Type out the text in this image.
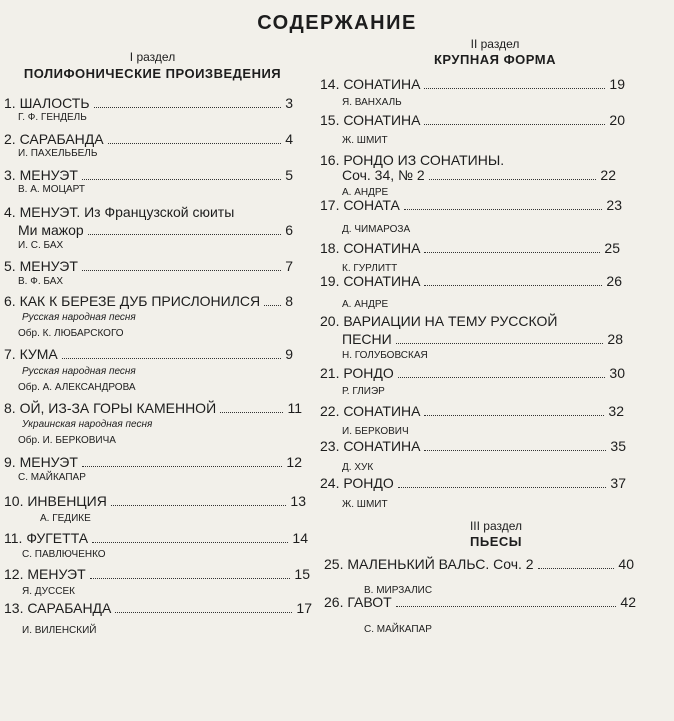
СОДЕРЖАНИЕ
I раздел
ПОЛИФОНИЧЕСКИЕ ПРОИЗВЕДЕНИЯ
1. ШАЛОСТЬ	3
Г. Ф. ГЕНДЕЛЬ
2. САРАБАНДА	4
И. ПАХЕЛЬБЕЛЬ
3. МЕНУЭТ	5
В. А. МОЦАРТ
4. МЕНУЭТ. Из Французской сюиты
Ми мажор	6
И. С. БАХ
5. МЕНУЭТ	7
В. Ф. БАХ
6. КАК К БЕРЕЗЕ ДУБ ПРИСЛОНИЛСЯ 8
Русская народная песня
Обр. К. ЛЮБАРСКОГО
7. КУМА	9
Русская народная песня
Обр. А. АЛЕКСАНДРОВА
8. ОЙ, ИЗ-ЗА ГОРЫ КАМЕННОЙ	11
Украинская народная песня
Обр. И. БЕРКОВИЧА
9. МЕНУЭТ	12
С. МАЙКАПАР
10. ИНВЕНЦИЯ	13
А. ГЕДИКЕ
11. ФУГЕТТА	14
С. ПАВЛЮЧЕНКО
12. МЕНУЭТ	15
Я. ДУССЕК
13. САРАБАНДА	17
И. ВИЛЕНСКИЙ
II раздел
КРУПНАЯ ФОРМА
14. СОНАТИНА	19
Я. ВАНХАЛЬ
15. СОНАТИНА	20
Ж. ШМИТ
16. РОНДО ИЗ СОНАТИНЫ.
Соч. 34, № 2	22
А. АНДРЕ
17. СОНАТА	23
Д. ЧИМАРОЗА
18. СОНАТИНА	25
К. ГУРЛИТТ
19. СОНАТИНА	26
А. АНДРЕ
20. ВАРИАЦИИ НА ТЕМУ РУССКОЙ
ПЕСНИ	28
Н. ГОЛУБОВСКАЯ
21. РОНДО	30
Р. ГЛИЭР
22. СОНАТИНА	32
И. БЕРКОВИЧ
23. СОНАТИНА	35
Д. ХУК
24. РОНДО	37
Ж. ШМИТ
III раздел
ПЬЕСЫ
25. МАЛЕНЬКИЙ ВАЛЬС. Соч. 2	40
В. МИРЗАЛИС
26. ГАВОТ	42
С. МАЙКАПАР
